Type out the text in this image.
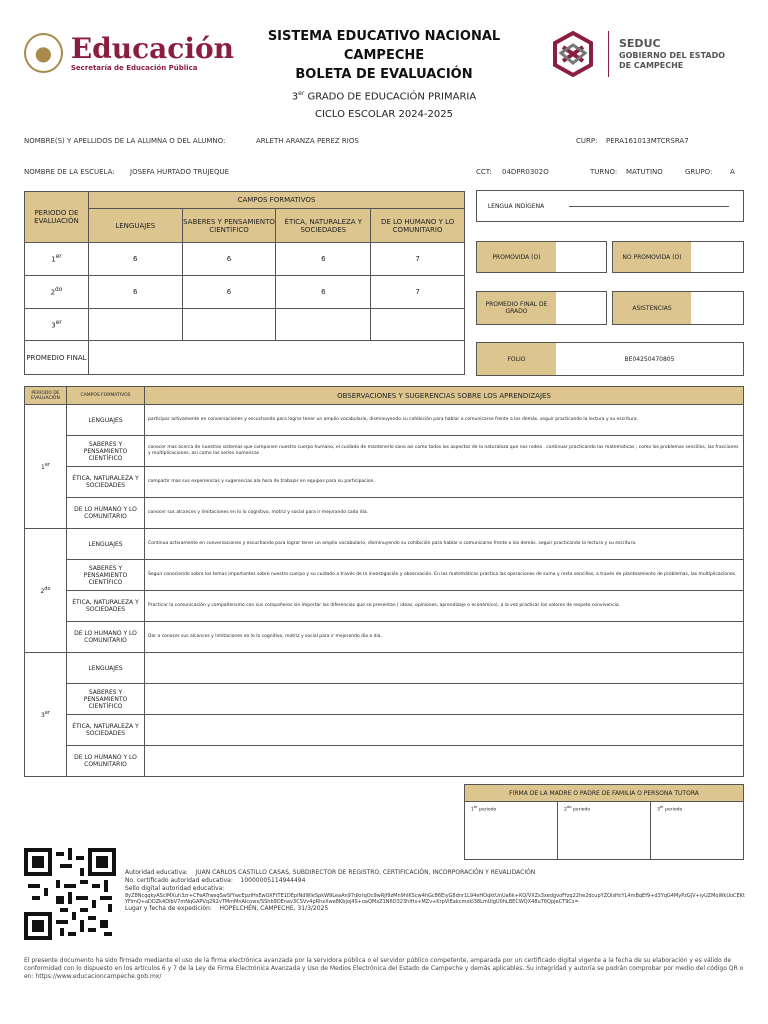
● Educación
Secretaría de Educación Pública
SISTEMA EDUCATIVO NACIONAL
CAMPECHE
BOLETA DE EVALUACIÓN
3er GRADO DE EDUCACIÓN PRIMARIA
CICLO ESCOLAR 2024-2025
SEDUC
GOBIERNO DEL ESTADO
DE CAMPECHE
NOMBRE(S) Y APELLIDOS DE LA ALUMNA O DEL ALUMNO:	ARLETH ARANZA PEREZ RIOS	CURP: PERA161013MTCRSRA7
NOMBRE DE LA ESCUELA: JOSEFA HURTADO TRUJEQUE	CCT: 04DPR0302O	TURNO: MATUTINO	GRUPO:	A
PERIODO DE EVALUACIÓN	CAMPOS FORMATIVOS			
	LENGUAJES	SABERES Y PENSAMIENTO CIENTÍFICO	ÉTICA, NATURALEZA Y SOCIEDADES	DE LO HUMANO Y LO COMUNITARIO
1er	6	6	6	7
$2^{do}$	6	6	6	7
3er				
PROMEDIO FINAL				
LENGUA INDÍGENA
PROMOVIDA (O)	NO PROMOVIDA (O)
PROMEDIO FINAL DE GRADO	ASISTENCIAS
FOLIO	BE04250470805
PERIODO DE EVALUACIÓN	CAMPOS FORMATIVOS	OBSERVACIONES Y SUGERENCIAS SOBRE LOS APRENDIZAJES
1er	LENGUAJES	participar activamente en conversaciones y escuchando para lograr tener un amplio vocabulario, disminuyendo su cohibición para hablar o comunicarse frente a los demás. seguir practicando la lectura y su escritura.
	SABERES Y PENSAMIENTO CIENTÍFICO	conocer mas acerca de nuestros sistemas que componen nuestro cuerpo humano, el cuidado de mantenerlo sano asi como todos los aspectos de la naturaleza que nos rodea . continuar practicando las matematicas ; como los problemas sencillos, las fracciones y multiplicaciones, asi como las series numericas .
	ÉTICA, NATURALEZA Y SOCIEDADES	compartir mas sus experiencias y sugerencias ala hora de trabajar en equipos para su participacion.
	DE LO HUMANO Y LO COMUNITARIO	conocer sus alcances y limitaciones en lo lo cognitivo, motriz y social para ir mejorando cada dia.
$2^{do}$	LENGUAJES	Continua activamente en conversaciones y escuchando para lograr tener un amplio vocabulario, disminuyendo su cohibición para hablar o comunicarse frente a los demás. seguir practicando la lectura y su escritura.
	SABERES Y PENSAMIENTO CIENTÍFICO	Seguir conociendo sobre los temas importantes sobre nuestro cuerpo y su cuidado a través de la investigación y observación. En las matemáticas practica las operaciones de suma y resta sencillas, a través de planteamiento de problemas, las multiplicaciones.
	ÉTICA, NATURALEZA Y SOCIEDADES	Practicar la comunicación y compañerismo con sus compañeros sin importar las diferencias que se presentan ( ideas, opiniones, aprendizaje o económico), a la vez practicar los valores de respeto convivencia.
	DE LO HUMANO Y LO COMUNITARIO	Dar a conocer sus alcances y limitaciones en lo lo cognitivo, motriz y social para ir mejorando dia a dia.
3er	LENGUAJES	
	SABERES Y PENSAMIENTO CIENTÍFICO	
	ÉTICA, NATURALEZA Y SOCIEDADES	
	DE LO HUMANO Y LO COMUNITARIO	
FIRMA DE LA MADRE O PADRE DE FAMILIA O PERSONA TUTORA
1er periodo	$2^{do}$ periodo	3er periodo
Autoridad educativa: JUAN CARLOS CASTILLO CASAS, SUBDIRECTOR DE REGISTRO, CERTIFICACIÓN, INCORPORACIÓN Y REVALIDACIÓN
No. certificado autoridad educativa: 10000005114944494
Sello digital autoridad educativa:
8yZ8NcqqkyASclMXuh3zr+CFeATrwsqSwSfYwcEpzlHsEwOXFtTE1DEpINdWleSpkW9LeaAn97dkrIqOc9wRjf9zMn9hlKScw4hGc86EiyG8dnr1L94eHOqktUnUa6k+KQ/VXZs3xedgvoFfzq22he2dcupYZQisHcYL4mBqEf9+d3YqG4MyPzGjV+iyUZMoWkUoCEKtYFimQ+aDDZk4DIbV7mNqGAPVq2R2vTMmMnAIcowx/SShb9DEnav3CSVv4pRhxXwe8Kbjoj4S+oaQMxZ1N6O323hIHs+MZv+KrpVIEakcmxkI38LmUlgU0hLBECWQX48u76QpJeCT9Cs=
Lugar y fecha de expedición: HOPELCHÉN, CAMPECHE, 31/3/2025
El presente documento ha sido firmado mediante el uso de la firma electrónica avanzada por la servidora pública o el servidor público competente, amparada por un certificado digital vigente a la fecha de su elaboración y es válido de conformidad con lo dispuesto en los artículos 6 y 7 de la Ley de Firma Electrónica Avanzada y Uso de Medios Electrónica del Estado de Campeche y demás aplicables. Su integridad y autoría se podrán comprobar por medio del código QR o en: https://www.educacioncampeche.gob.mx/
